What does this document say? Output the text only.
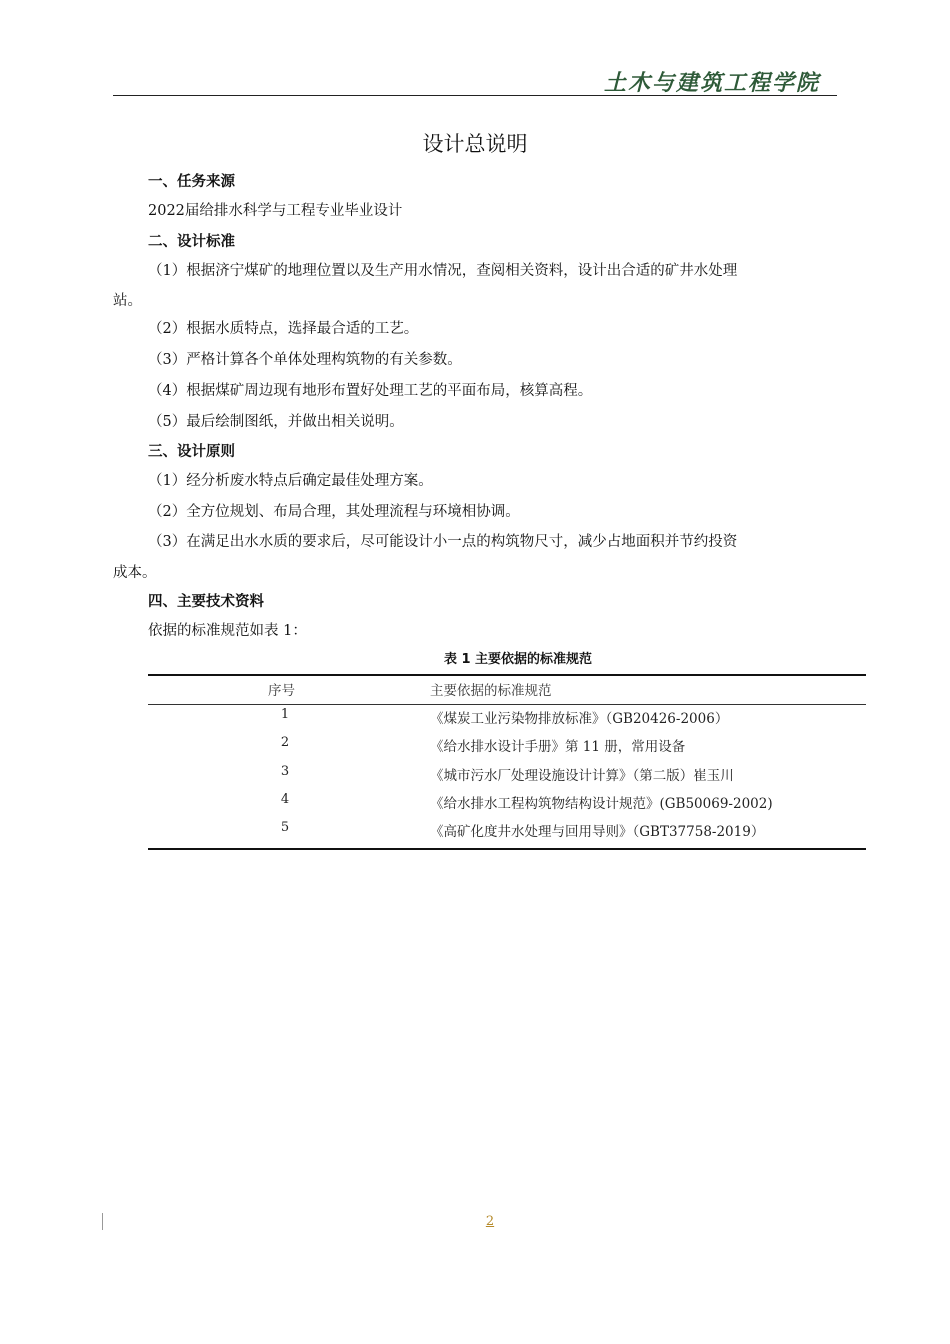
土木与建筑工程学院
设计总说明
一、任务来源
2022届给排水科学与工程专业毕业设计
二、设计标准
（1）根据济宁煤矿的地理位置以及生产用水情况，查阅相关资料，设计出合适的矿井水处理
站。
（2）根据水质特点，选择最合适的工艺。
（3）严格计算各个单体处理构筑物的有关参数。
（4）根据煤矿周边现有地形布置好处理工艺的平面布局，核算高程。
（5）最后绘制图纸，并做出相关说明。
三、设计原则
（1）经分析废水特点后确定最佳处理方案。
（2）全方位规划、布局合理，其处理流程与环境相协调。
（3）在满足出水水质的要求后，尽可能设计小一点的构筑物尺寸，减少占地面积并节约投资
成本。
四、主要技术资料
依据的标准规范如表 1：
表 1 主要依据的标准规范
序号	主要依据的标准规范
1	《煤炭工业污染物排放标准》（GB20426-2006）
2	《给水排水设计手册》第 11 册，常用设备
3	《城市污水厂处理设施设计计算》（第二版）崔玉川
4	《给水排水工程构筑物结构设计规范》(GB50069-2002)
5	《高矿化度井水处理与回用导则》（GBT37758-2019）
2
